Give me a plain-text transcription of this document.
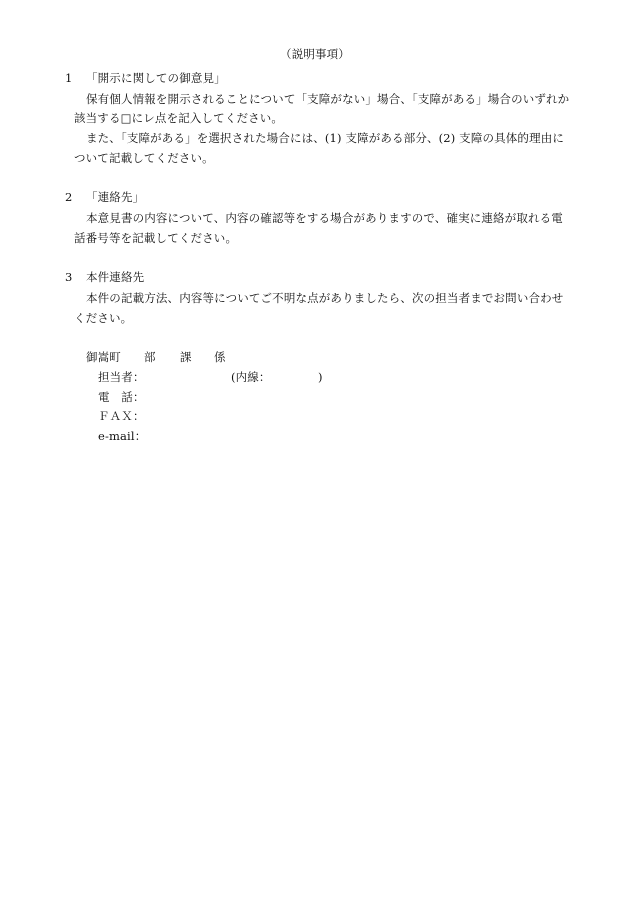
（説明事項）
1 「開示に関しての御意見」
保有個人情報を開示されることについて「支障がない」場合、「支障がある」場合のいずれか
該当する□にレ点を記入してください。
また、「支障がある」を選択された場合には、(1) 支障がある部分、(2) 支障の具体的理由に
ついて記載してください。
2 「連絡先」
本意見書の内容について、内容の確認等をする場合がありますので、確実に連絡が取れる電
話番号等を記載してください。
3 本件連絡先
本件の記載方法、内容等についてご不明な点がありましたら、次の担当者までお問い合わせ
ください。
御嵩町 部 課 係
担当者：	(内線：	)
電　話：
ＦＡＸ：
e-mail：
